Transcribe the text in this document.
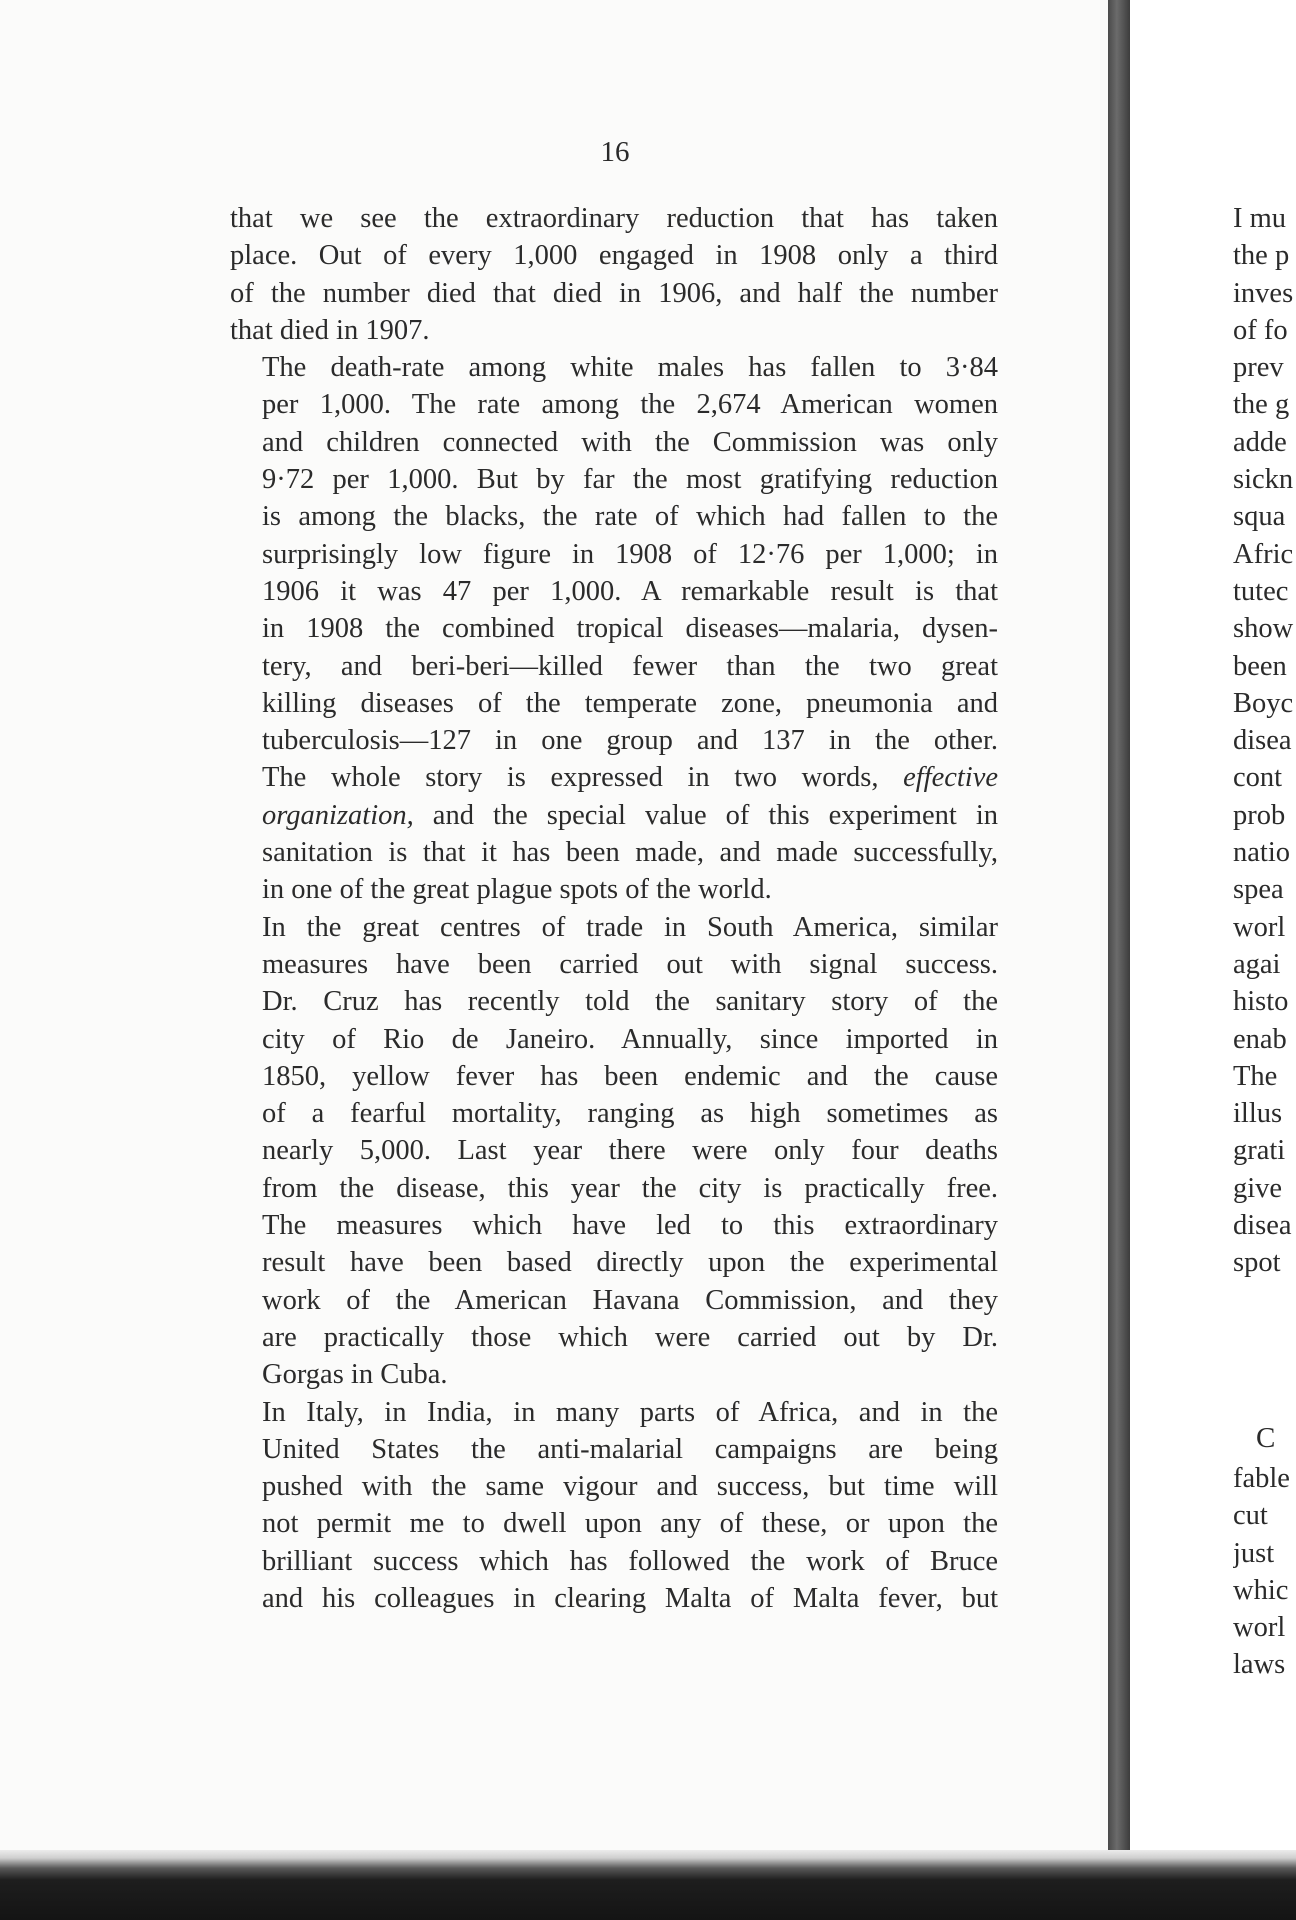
16

that we see the extraordinary reduction that has taken
place. Out of every 1,000 engaged in 1908 only a third
of the number died that died in 1906, and half the number
that died in 1907.

The death-rate among white males has fallen to 3·84
per 1,000. The rate among the 2,674 American women
and children connected with the Commission was only
9·72 per 1,000. But by far the most gratifying reduction
is among the blacks, the rate of which had fallen to the
surprisingly low figure in 1908 of 12·76 per 1,000; in
1906 it was 47 per 1,000. A remarkable result is that
in 1908 the combined tropical diseases—malaria, dysen-
tery, and beri-beri—killed fewer than the two great
killing diseases of the temperate zone, pneumonia and
tuberculosis—127 in one group and 137 in the other.
The whole story is expressed in two words, effective
organization, and the special value of this experiment in
sanitation is that it has been made, and made successfully,
in one of the great plague spots of the world.

In the great centres of trade in South America, similar
measures have been carried out with signal success.
Dr. Cruz has recently told the sanitary story of the
city of Rio de Janeiro. Annually, since imported in
1850, yellow fever has been endemic and the cause
of a fearful mortality, ranging as high sometimes as
nearly 5,000. Last year there were only four deaths
from the disease, this year the city is practically free.
The measures which have led to this extraordinary
result have been based directly upon the experimental
work of the American Havana Commission, and they
are practically those which were carried out by Dr.
Gorgas in Cuba.

In Italy, in India, in many parts of Africa, and in the
United States the anti-malarial campaigns are being
pushed with the same vigour and success, but time will
not permit me to dwell upon any of these, or upon the
brilliant success which has followed the work of Bruce
and his colleagues in clearing Malta of Malta fever, but

I mu
the p
inves
of fo
prev
the g
adde
sickn
squa
Afric
tutec
show
been
Boyc
disea
cont
prob
natio
spea
worl
agai
histo
enab
The
illus
grati
give
disea
spot
C
fable
cut
just
whic
worl
laws
